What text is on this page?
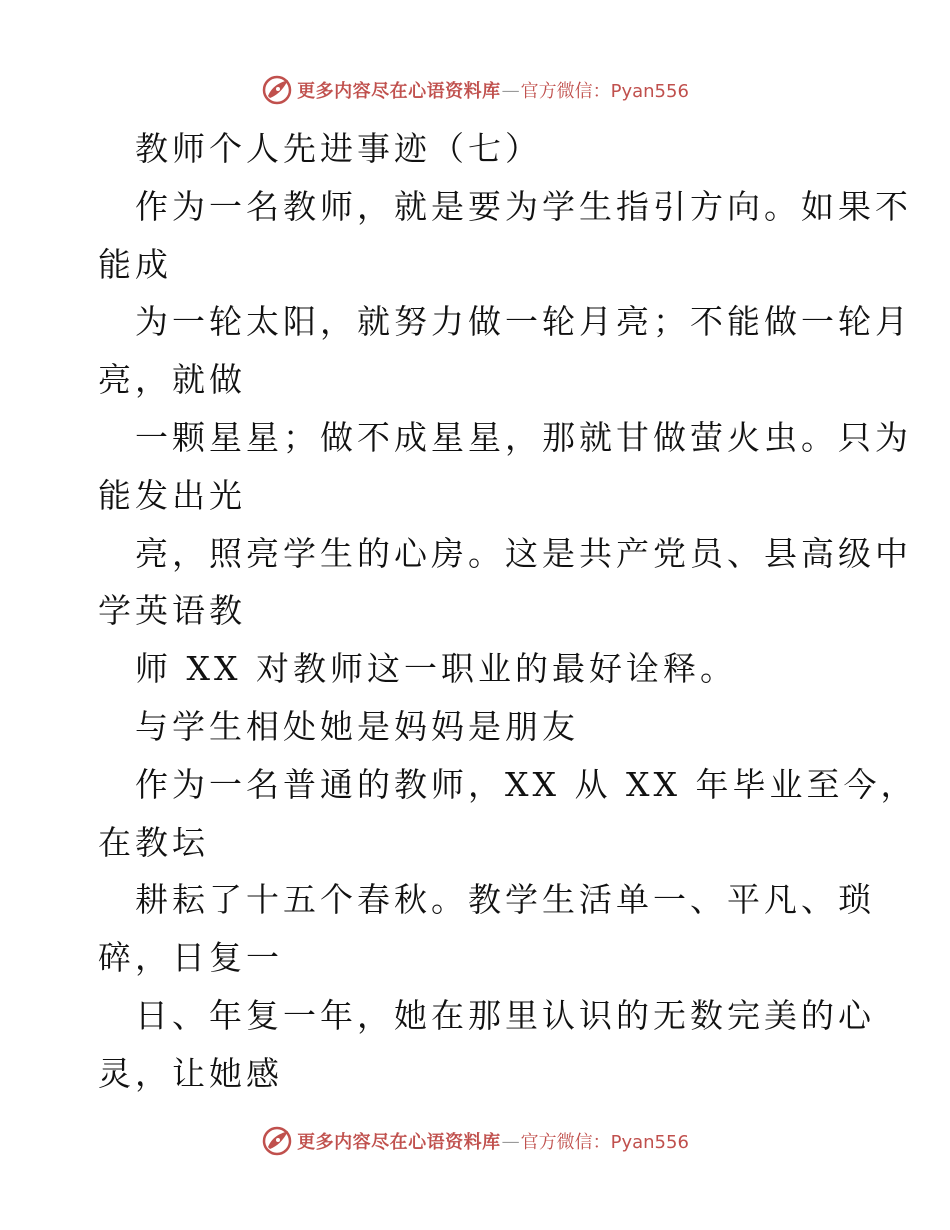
更多内容尽在心语资料库 — 官方微信：Pyan556
教师个人先进事迹（七）
作为一名教师，就是要为学生指引方向。如果不
能成
为一轮太阳，就努力做一轮月亮；不能做一轮月
亮，就做
一颗星星；做不成星星，那就甘做萤火虫。只为
能发出光
亮，照亮学生的心房。这是共产党员、县高级中
学英语教
师 XX 对教师这一职业的最好诠释。
与学生相处她是妈妈是朋友
作为一名普通的教师，XX 从 XX 年毕业至今，
在教坛
耕耘了十五个春秋。教学生活单一、平凡、琐
碎，日复一
日、年复一年，她在那里认识的无数完美的心
灵，让她感
更多内容尽在心语资料库 — 官方微信：Pyan556
